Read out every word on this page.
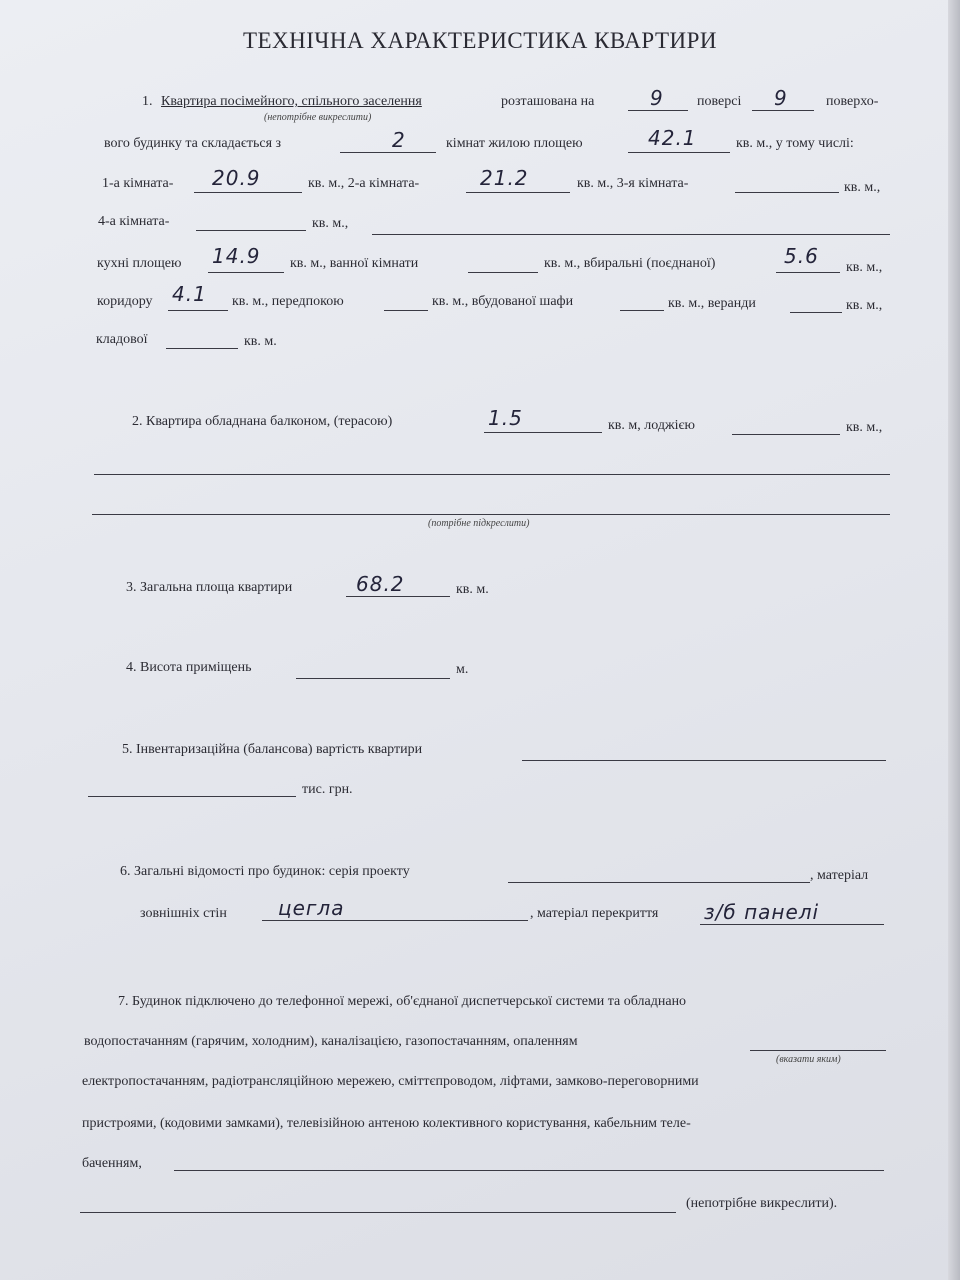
ТЕХНІЧНА ХАРАКТЕРИСТИКА КВАРТИРИ
1. Квартира посімейного, спільного заселення	розташована на	9 поверсі 9	поверхо-
(непотрібне викреслити)
вого будинку та складається з	2	кімнат жилою площею	42.1	кв. м., у тому числі:
1-а кімната- 20.9	кв. м., 2-а кімната-	21.2	кв. м., 3-я кімната-	кв. м.,
4-а кімната-	кв. м.,
кухні площею 14.9 кв. м., ванної кімнати	кв. м., вбиральні (поєднаної)	5.6 кв. м.,
коридору 4.1 кв. м., передпокою	кв. м., вбудованої шафи	кв. м., веранди	кв. м.,
кладової	кв. м.
2. Квартира обладнана балконом, (терасою)	1.5	кв. м, лоджією	кв. м.,
(потрібне підкреслити)
3. Загальна площа квартири	68.2	кв. м.
4. Висота приміщень	м.
5. Інвентаризаційна (балансова) вартість квартири
тис. грн.
6. Загальні відомості про будинок: серія проекту	, матеріал
зовнішніх стін	цегла	, матеріал перекриття з/б панелі
7. Будинок підключено до телефонної мережі, об'єднаної диспетчерської системи та обладнано
водопостачанням (гарячим, холодним), каналізацією, газопостачанням, опаленням
(вказати яким)
електропостачанням, радіотрансляційною мережею, сміттєпроводом, ліфтами, замково-переговорними
пристроями, (кодовими замками), телевізійною антеною колективного користування, кабельним теле-
баченням,
(непотрібне викреслити).
